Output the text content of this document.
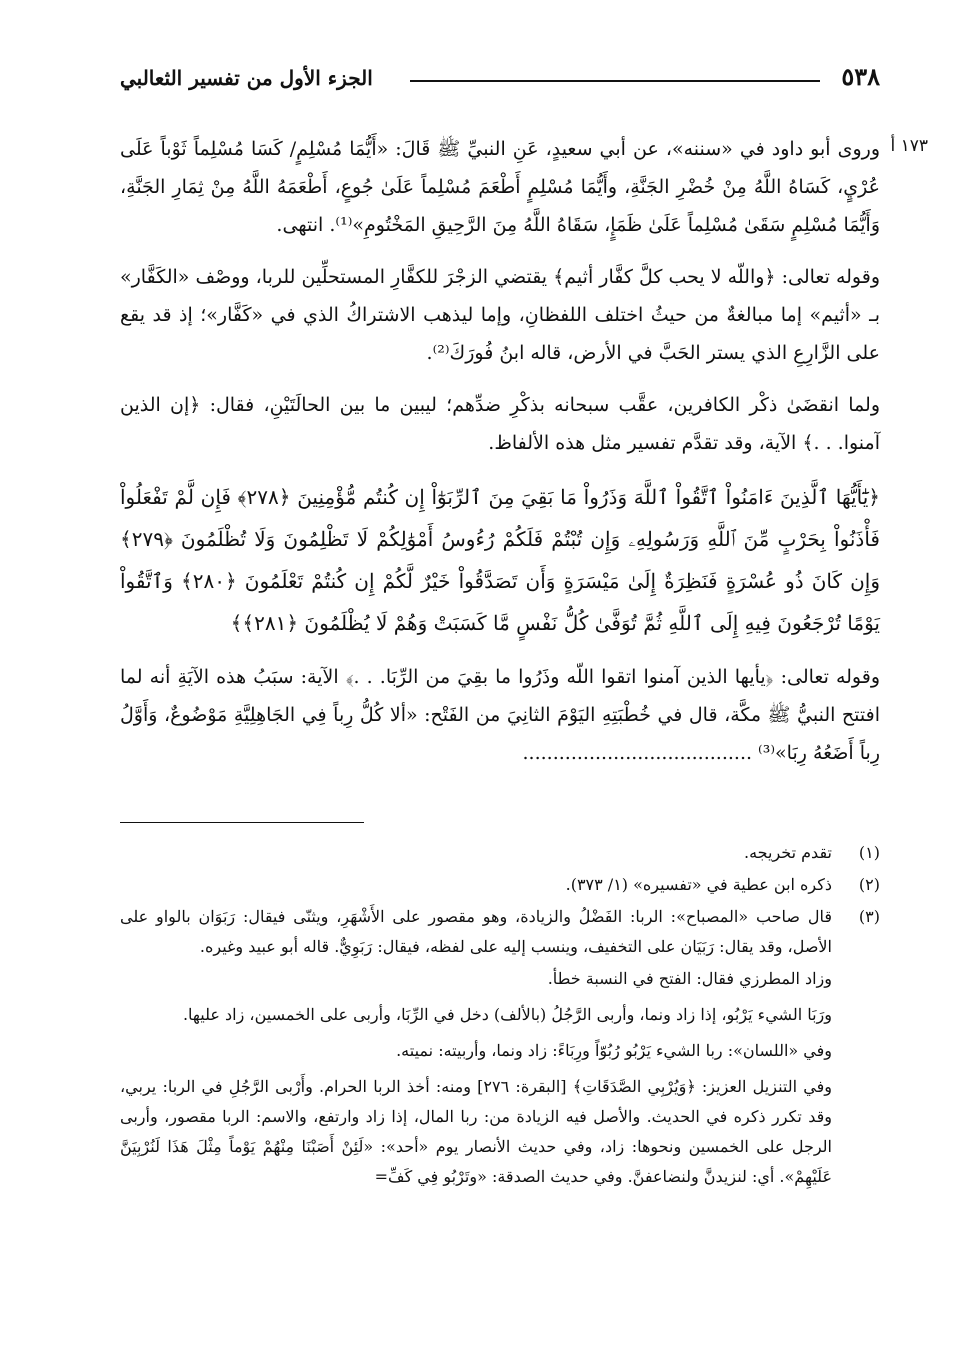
٥٣٨
الجزء الأول من تفسير الثعالبي
١٧٣ أ

وروى أبو داود في «سننه»، عن أبي سعيدٍ، عَنِ النبيِّ ﷺ قَالَ: «أَيُّمَا مُسْلِمٍ/ كَسَا مُسْلِماً ثَوْباً عَلَى عُرْيٍ، كَسَاهُ اللَّهُ مِنْ خُضْرِ الجَنَّةِ، وأَيُّمَا مُسْلِمٍ أَطْعَمَ مُسْلِماً عَلَىٰ جُوعٍ، أَطْعَمَهُ اللَّهُ مِنْ ثِمَارِ الجَنَّةِ، وَأَيُّمَا مُسْلِمٍ سَقَىٰ مُسْلِماً عَلَىٰ ظَمَإٍ، سَقَاهُ اللَّهُ مِنَ الرَّحِيقِ المَخْتُومِ»⁽¹⁾. انتهى.

وقوله تعالى: ﴿واللّه لا يحب كلَّ كفَّار أثيم﴾ يقتضي الزجْرَ للكفَّارِ المستحلِّين للربا، ووصْف «الكَفَّار» بـ «أثيم» إما مبالغةٌ من حيثُ اختلف اللفظانِ، وإما ليذهب الاشتراكُ الذي في «كَفَّار»؛ إذ قد يقع على الزَّارِعِ الذي يستر الحَبَّ في الأرض، قاله ابنُ فُورَكَ⁽²⁾.

ولما انقضَىٰ ذكْر الكافرين، عقَّب سبحانه بذكْرِ ضدِّهم؛ ليبين ما بين الحالَتَيْنِ، فقال: ﴿إن الذين آمنوا. . .﴾ الآية، وقد تقدَّم تفسير مثل هذه الألفاظ.

﴿يَٰٓأَيُّهَا ٱلَّذِينَ ءَامَنُواْ ٱتَّقُواْ ٱللَّهَ وَذَرُواْ مَا بَقِيَ مِنَ ٱلرِّبَوٰٓاْ إِن كُنتُم مُّؤْمِنِينَ ﴿٢٧٨﴾ فَإِن لَّمْ تَفْعَلُواْ فَأْذَنُواْ بِحَرْبٍ مِّنَ ٱللَّهِ وَرَسُولِهِۦ وَإِن تُبْتُمْ فَلَكُمْ رُءُوسُ أَمْوَٰلِكُمْ لَا تَظْلِمُونَ وَلَا تُظْلَمُونَ ﴿٢٧٩﴾ وَإِن كَانَ ذُو عُسْرَةٍ فَنَظِرَةٌ إِلَىٰ مَيْسَرَةٍ وَأَن تَصَدَّقُواْ خَيْرٌ لَّكُمْ إِن كُنتُمْ تَعْلَمُونَ ﴿٢٨٠﴾ وَٱتَّقُواْ يَوْمًا تُرْجَعُونَ فِيهِ إِلَى ٱللَّهِ ثُمَّ تُوَفَّىٰ كُلُّ نَفْسٍ مَّا كَسَبَتْ وَهُمْ لَا يُظْلَمُونَ ﴿٢٨١﴾﴾

وقوله تعالى: ﴿يأيها الذين آمنوا اتقوا اللّه وذَرُوا ما بقِيَ من الرِّبَا. . .﴾ الآية: سبَبُ هذه الآيَةِ أنه لما افتتح النبيُّ ﷺ مكَّة، قال في خُطْبَتِهِ اليَوْمَ الثانِيَ من الفَتْح: «ألا كُلُّ رِباً فِي الجَاهِلِيَّةِ مَوْضُوعٌ، وَأَوَّلُ رِباً أَضَعُهُ رِبَا»⁽³⁾ ......................................

(١)
تقدم تخريجه.
(٢)
ذكره ابن عطية في «تفسيره» (١/ ٣٧٣).
(٣)
قال صاحب «المصباح»: الربا: الفَضْلُ والزيادة، وهو مقصور على الأَشْهَرِ، ويثنّى فيقال: رَبَوَان بالواو على الأصل، وقد يقال: رَبَيَان على التخفيف، وينسب إليه على لفظه، فيقال: رَبَوِيٌّ. قاله أبو عبيد وغيره.
وزاد المطرزي فقال: الفتح في النسبة خطأ.
ورَبَا الشيء يَرْبُو، إذا زاد ونما، وأربى الرَّجُلُ (بالألف) دخل في الرِّبَا، وأربى على الخمسين، زاد عليها.
وفي «اللسان»: ربا الشيء يَرْبُو رُبُوّاً ورِبَاءً: زاد ونما، وأربيته: نميته.
وفي التنزيل العزيز: ﴿وَيُرْبِي الصَّدَقَاتِ﴾ [البقرة: ٢٧٦] ومنه: أخذ الربا الحرام. وأَرْبى الرَّجُلِ في الربا: يربي، وقد تكرر ذكره في الحديث. والأصل فيه الزيادة من: ربا المال، إذا زاد وارتفع، والاسم: الربا مقصور، وأربى الرجل على الخمسين ونحوها: زاد، وفي حديث الأنصار يوم «أحد»: «لَئِنْ أَصَبْنَا مِنْهُمْ يَوْماً مِثْلَ هَذَا لَنُرْبِيَنَّ عَلَيْهِمْ». أي: لنزيدنَّ ولنضاعفنَّ. وفي حديث الصدقة: «وتَرْبُو فِي كَفِّ=
